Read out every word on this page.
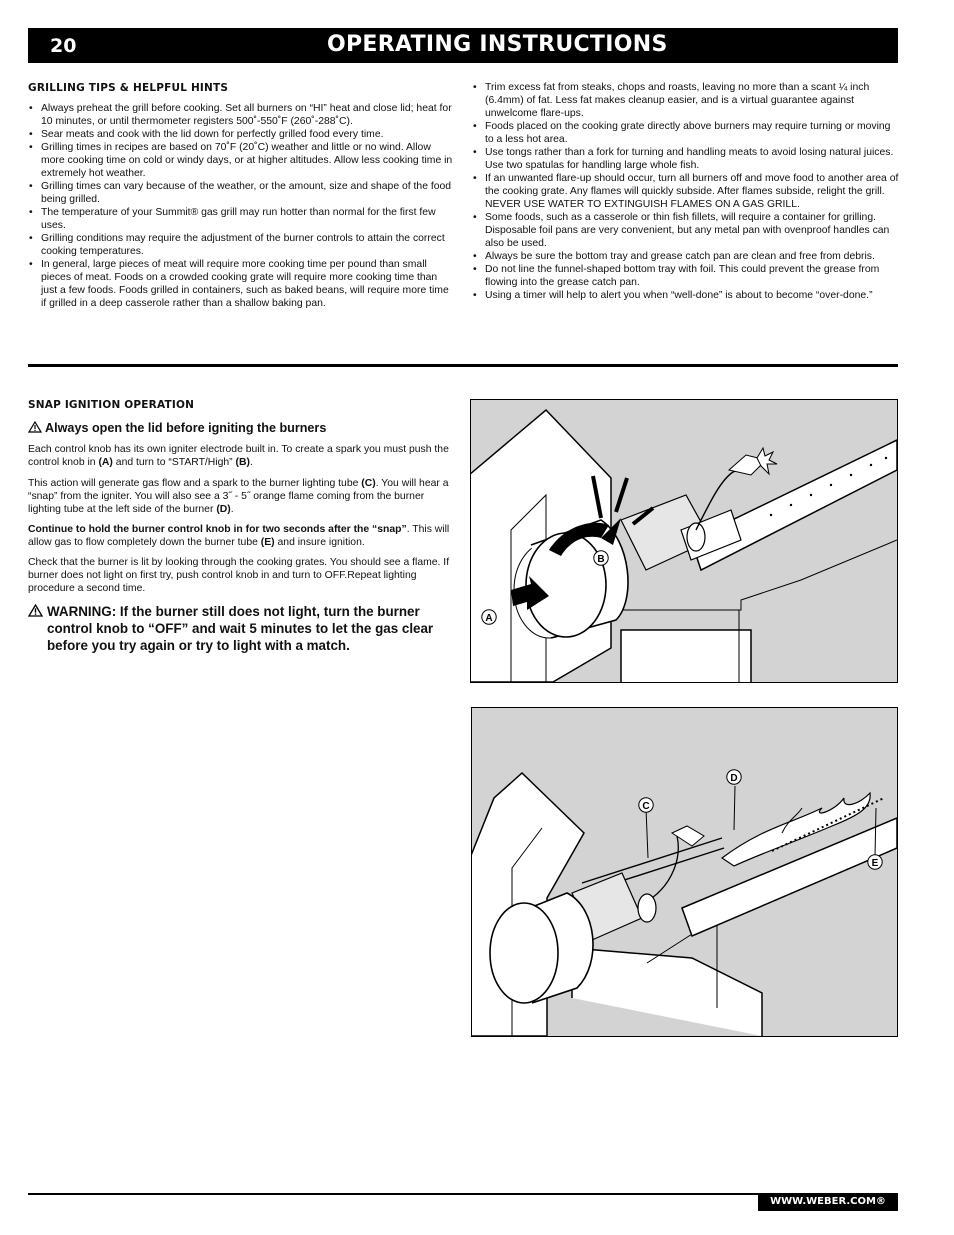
20	OPERATING INSTRUCTIONS
GRILLING TIPS & HELPFUL HINTS
• Always preheat the grill before cooking. Set all burners on “HI” heat and close lid; heat for 10 minutes, or until thermometer registers 500˚-550˚F (260˚-288˚C).
• Sear meats and cook with the lid down for perfectly grilled food every time.
• Grilling times in recipes are based on 70˚F (20˚C) weather and little or no wind. Allow more cooking time on cold or windy days, or at higher altitudes. Allow less cooking time in extremely hot weather.
• Grilling times can vary because of the weather, or the amount, size and shape of the food being grilled.
• The temperature of your Summit® gas grill may run hotter than normal for the first few uses.
• Grilling conditions may require the adjustment of the burner controls to attain the correct cooking temperatures.
• In general, large pieces of meat will require more cooking time per pound than small pieces of meat. Foods on a crowded cooking grate will require more cooking time than just a few foods. Foods grilled in containers, such as baked beans, will require more time if grilled in a deep casserole rather than a shallow baking pan.
• Trim excess fat from steaks, chops and roasts, leaving no more than a scant ¼ inch (6.4mm) of fat. Less fat makes cleanup easier, and is a virtual guarantee against unwelcome flare-ups.
• Foods placed on the cooking grate directly above burners may require turning or moving to a less hot area.
• Use tongs rather than a fork for turning and handling meats to avoid losing natural juices. Use two spatulas for handling large whole fish.
• If an unwanted flare-up should occur, turn all burners off and move food to another area of the cooking grate. Any flames will quickly subside. After flames subside, relight the grill. NEVER USE WATER TO EXTINGUISH FLAMES ON A GAS GRILL.
• Some foods, such as a casserole or thin fish fillets, will require a container for grilling. Disposable foil pans are very convenient, but any metal pan with ovenproof handles can also be used.
• Always be sure the bottom tray and grease catch pan are clean and free from debris.
• Do not line the funnel-shaped bottom tray with foil. This could prevent the grease from flowing into the grease catch pan.
• Using a timer will help to alert you when “well-done” is about to become “over-done.”
SNAP IGNITION OPERATION
Always open the lid before igniting the burners

Each control knob has its own igniter electrode built in. To create a spark you must push the control knob in (A) and turn to “START/High” (B).

This action will generate gas flow and a spark to the burner lighting tube (C). You will hear a “snap” from the igniter. You will also see a 3˝ - 5˝ orange flame coming from the burner lighting tube at the left side of the burner (D).

Continue to hold the burner control knob in for two seconds after the “snap”. This will allow gas to flow completely down the burner tube (E) and insure ignition.

Check that the burner is lit by looking through the cooking grates. You should see a flame. If burner does not light on first try, push control knob in and turn to OFF.Repeat lighting procedure a second time.

WARNING: If the burner still does not light, turn the burner control knob to “OFF” and wait 5 minutes to let the gas clear before you try again or try to light with a match.
B
A
C
D
E
WWW.WEBER.COM®
